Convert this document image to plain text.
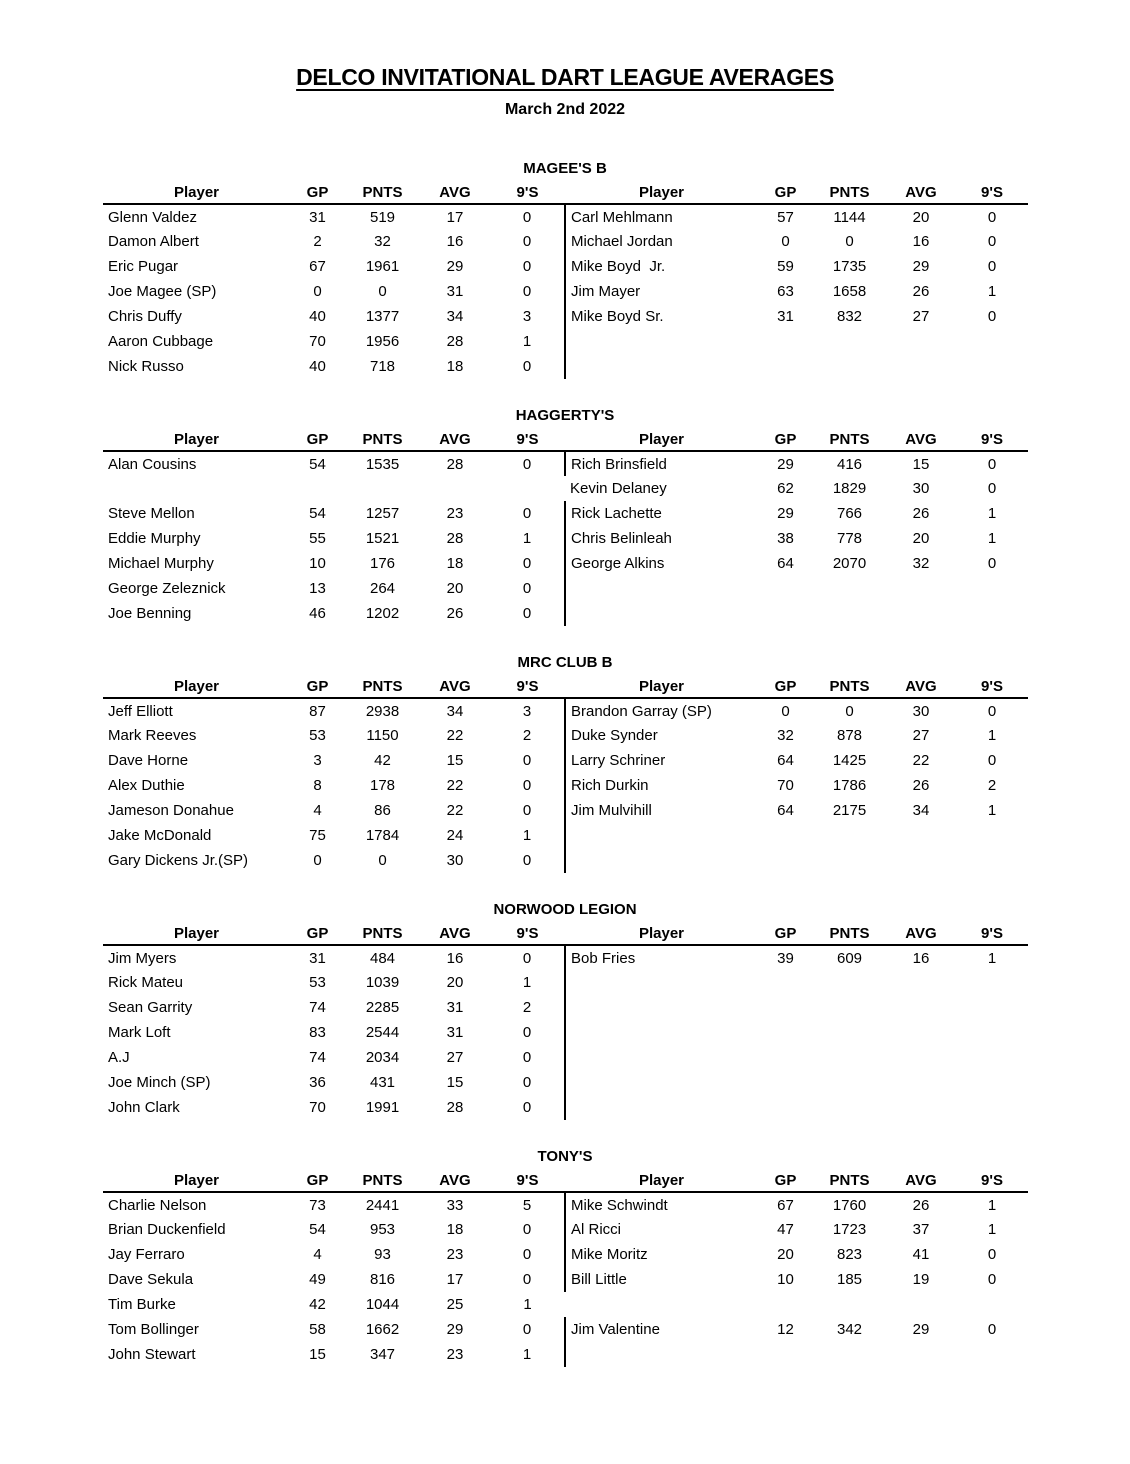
DELCO INVITATIONAL DART LEAGUE AVERAGES
March 2nd 2022
MAGEE'S B
Player	GP	PNTS	AVG	9'S	Player	GP	PNTS	AVG	9'S
Glenn Valdez	31	519	17	0	Carl Mehlmann	57	1144	20	0
Damon Albert	2	32	16	0	Michael Jordan	0	0	16	0
Eric Pugar	67	1961	29	0	Mike Boyd  Jr.	59	1735	29	0
Joe Magee (SP)	0	0	31	0	Jim Mayer	63	1658	26	1
Chris Duffy	40	1377	34	3	Mike Boyd Sr.	31	832	27	0
Aaron Cubbage	70	1956	28	1					
Nick Russo	40	718	18	0					
HAGGERTY'S
Player	GP	PNTS	AVG	9'S	Player	GP	PNTS	AVG	9'S
Alan Cousins	54	1535	28	0	Rich Brinsfield	29	416	15	0
					Kevin Delaney	62	1829	30	0
Steve Mellon	54	1257	23	0	Rick Lachette	29	766	26	1
Eddie Murphy	55	1521	28	1	Chris Belinleah	38	778	20	1
Michael Murphy	10	176	18	0	George Alkins	64	2070	32	0
George Zeleznick	13	264	20	0					
Joe Benning	46	1202	26	0					
MRC CLUB B
Player	GP	PNTS	AVG	9'S	Player	GP	PNTS	AVG	9'S
Jeff Elliott	87	2938	34	3	Brandon Garray (SP)	0	0	30	0
Mark Reeves	53	1150	22	2	Duke Synder	32	878	27	1
Dave Horne	3	42	15	0	Larry Schriner	64	1425	22	0
Alex Duthie	8	178	22	0	Rich Durkin	70	1786	26	2
Jameson Donahue	4	86	22	0	Jim Mulvihill	64	2175	34	1
Jake McDonald	75	1784	24	1					
Gary Dickens Jr.(SP)	0	0	30	0					
NORWOOD LEGION
Player	GP	PNTS	AVG	9'S	Player	GP	PNTS	AVG	9'S
Jim Myers	31	484	16	0	Bob Fries	39	609	16	1
Rick Mateu	53	1039	20	1					
Sean Garrity	74	2285	31	2					
Mark Loft	83	2544	31	0					
A.J	74	2034	27	0					
Joe Minch (SP)	36	431	15	0					
John Clark	70	1991	28	0					
TONY'S
Player	GP	PNTS	AVG	9'S	Player	GP	PNTS	AVG	9'S
Charlie Nelson	73	2441	33	5	Mike Schwindt	67	1760	26	1
Brian Duckenfield	54	953	18	0	Al Ricci	47	1723	37	1
Jay Ferraro	4	93	23	0	Mike Moritz	20	823	41	0
Dave Sekula	49	816	17	0	Bill Little	10	185	19	0
Tim Burke	42	1044	25	1					
Tom Bollinger	58	1662	29	0	Jim Valentine	12	342	29	0
John Stewart	15	347	23	1					
